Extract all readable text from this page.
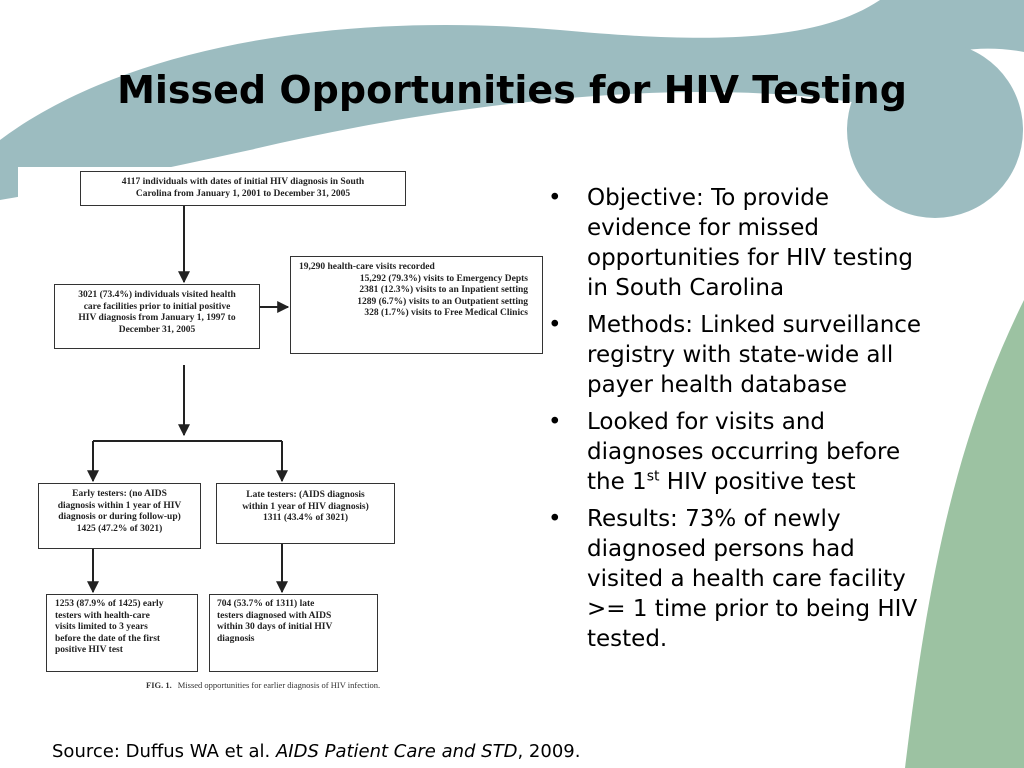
Missed Opportunities for HIV Testing
4117 individuals with dates of initial HIV diagnosis in South
Carolina from January 1, 2001 to December 31, 2005
3021 (73.4%) individuals visited health
care facilities prior to initial positive
HIV diagnosis from January 1, 1997 to
December 31, 2005
19,290 health-care visits recorded
15,292 (79.3%) visits to Emergency Depts
2381 (12.3%) visits to an Inpatient setting
1289 (6.7%) visits to an Outpatient setting
328 (1.7%) visits to Free Medical Clinics
Early testers: (no AIDS
diagnosis within 1 year of HIV
diagnosis or during follow-up)
1425 (47.2% of 3021)
Late testers: (AIDS diagnosis
within 1 year of HIV diagnosis)
1311 (43.4% of 3021)
1253 (87.9% of 1425) early
testers with health-care
visits limited to 3 years
before the date of the first
positive HIV test
704 (53.7% of 1311) late
testers diagnosed with AIDS
within 30 days of initial HIV
diagnosis
FIG. 1. Missed opportunities for earlier diagnosis of HIV infection.
• Objective: To provide
evidence for missed
opportunities for HIV testing
in South Carolina
• Methods: Linked surveillance
registry with state-wide all
payer health database
• Looked for visits and
diagnoses occurring before
the 1st HIV positive test
• Results: 73% of newly
diagnosed persons had
visited a health care facility
>= 1 time prior to being HIV
tested.
Source: Duffus WA et al. AIDS Patient Care and STD, 2009.
